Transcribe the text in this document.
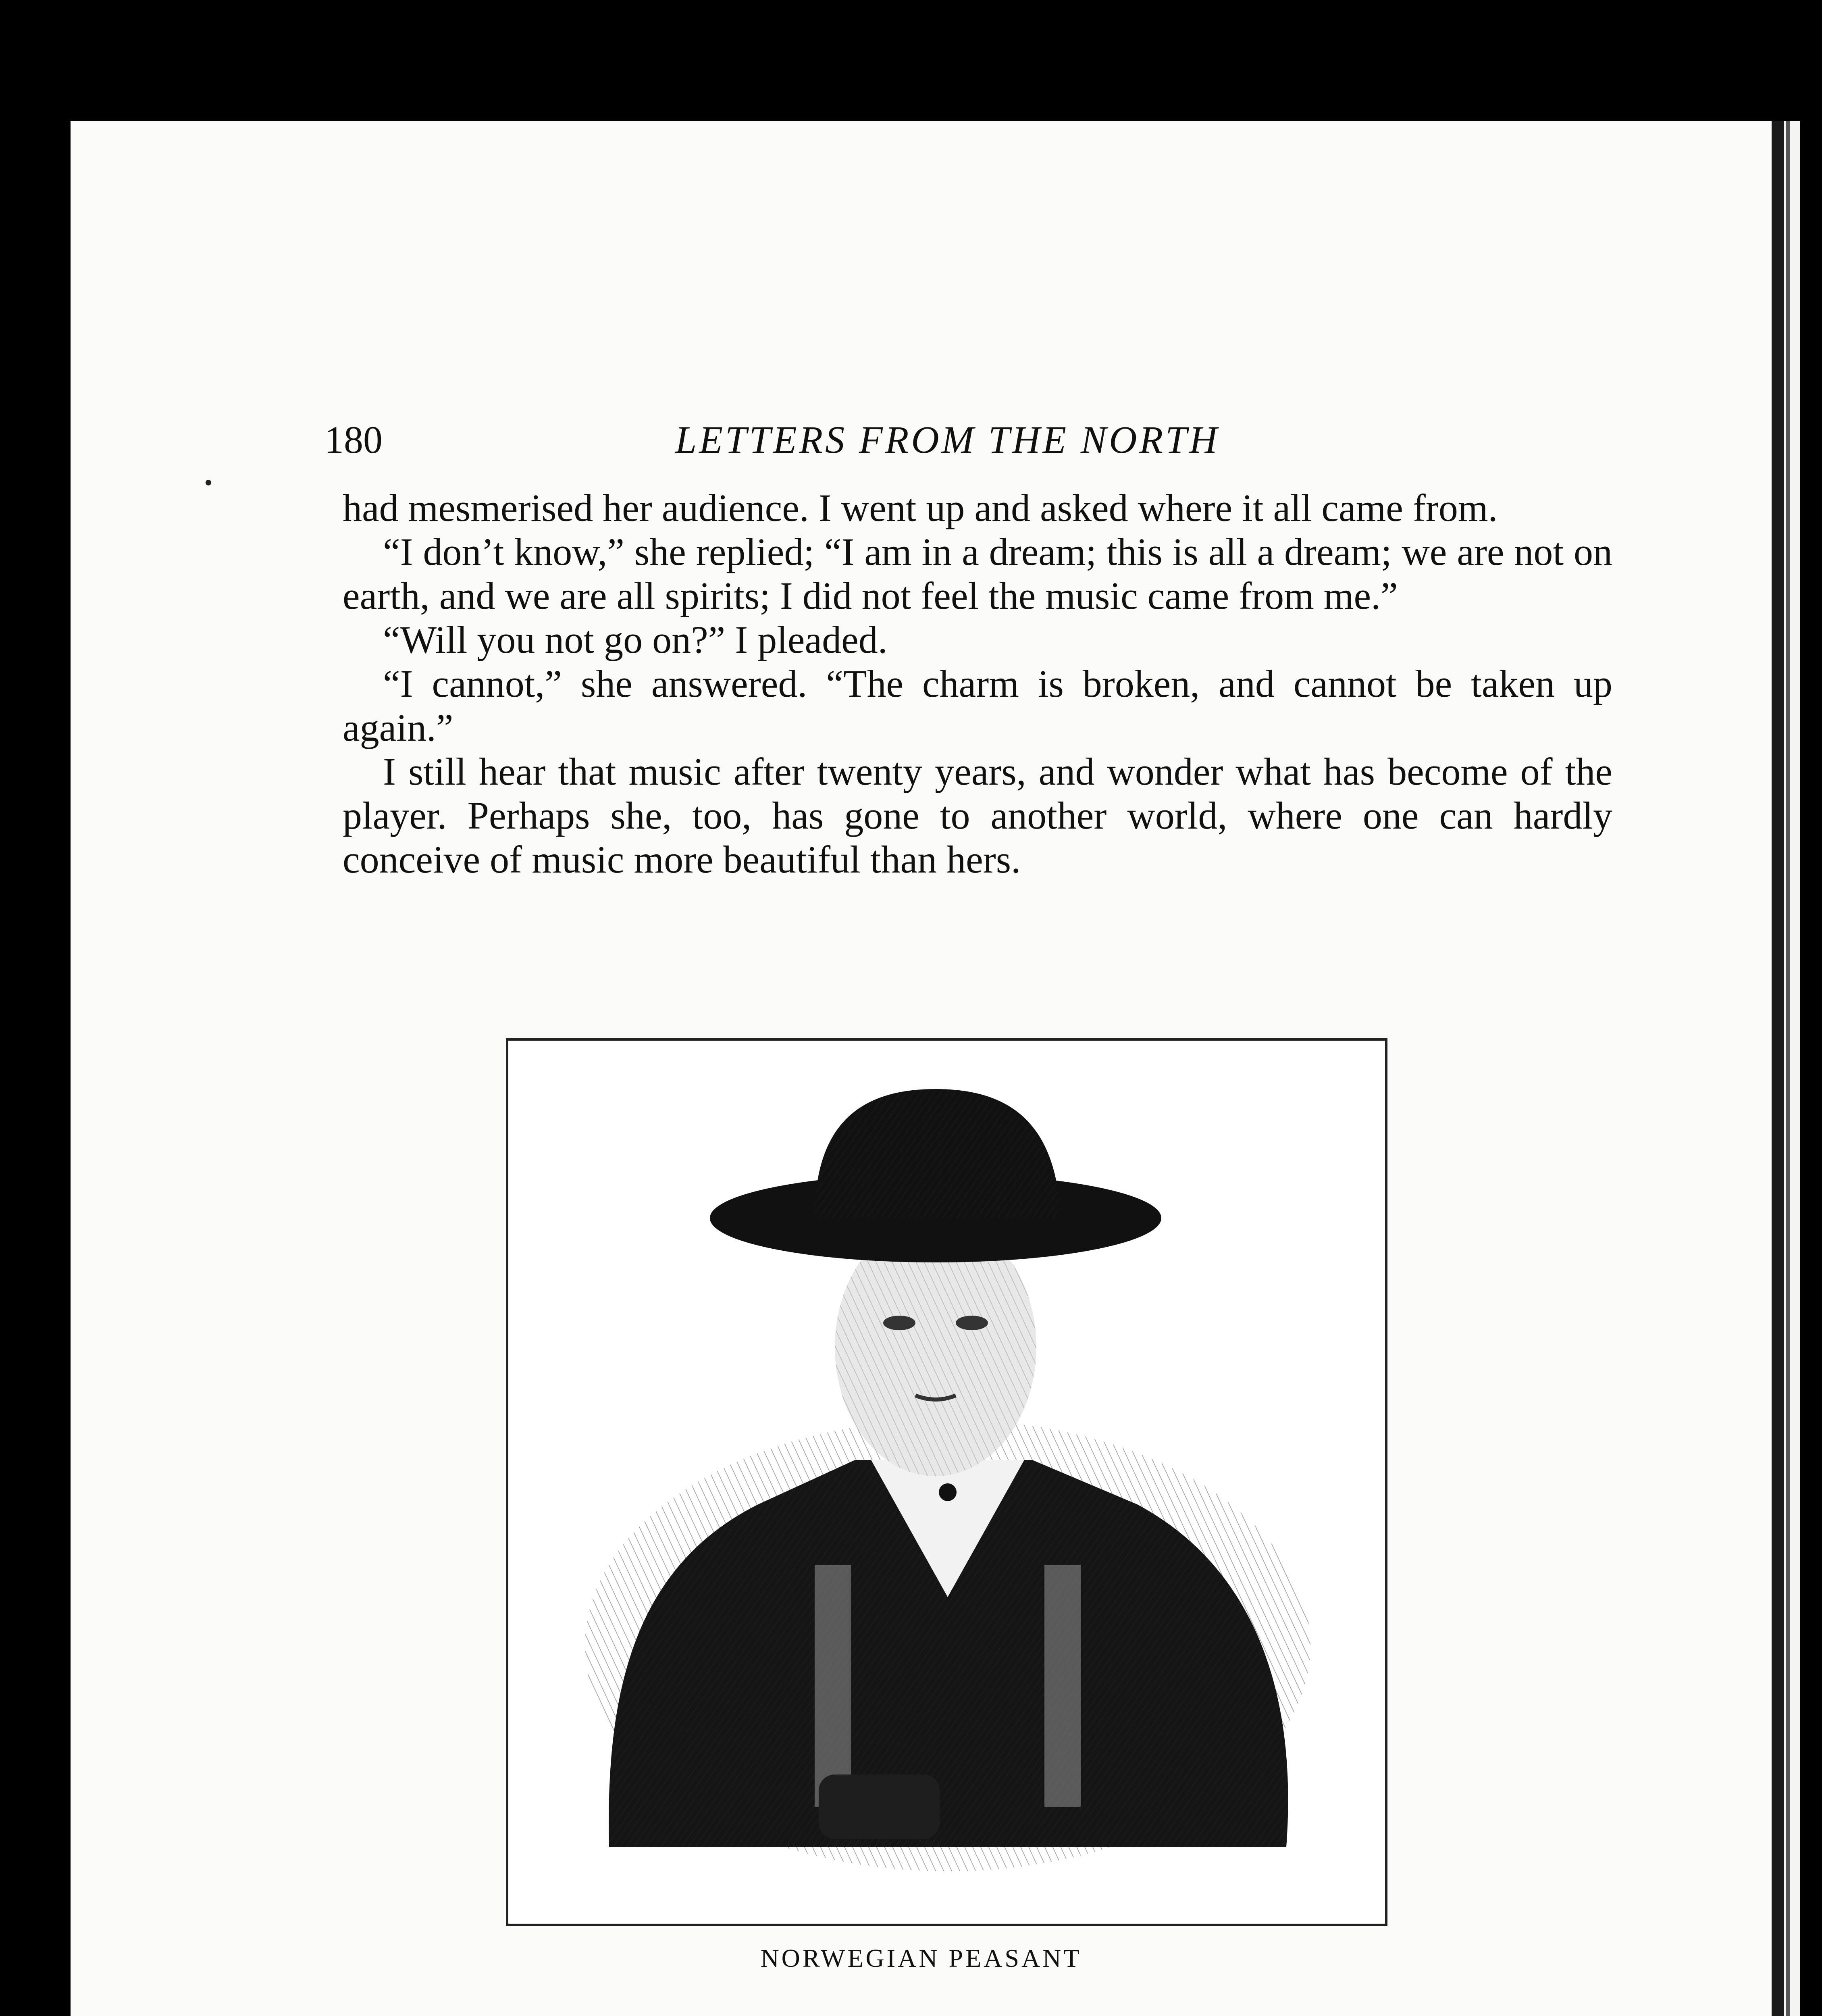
180	LETTERS FROM THE NORTH

had mesmerised her audience. I went up and asked where it all came from.

“I don’t know,” she replied; “I am in a dream; this is all a dream; we are not on earth, and we are all spirits; I did not feel the music came from me.”

“Will you not go on?” I pleaded.

“I cannot,” she answered. “The charm is broken, and cannot be taken up again.”

I still hear that music after twenty years, and wonder what has become of the player. Perhaps she, too, has gone to another world, where one can hardly conceive of music more beautiful than hers.

NORWEGIAN PEASANT
